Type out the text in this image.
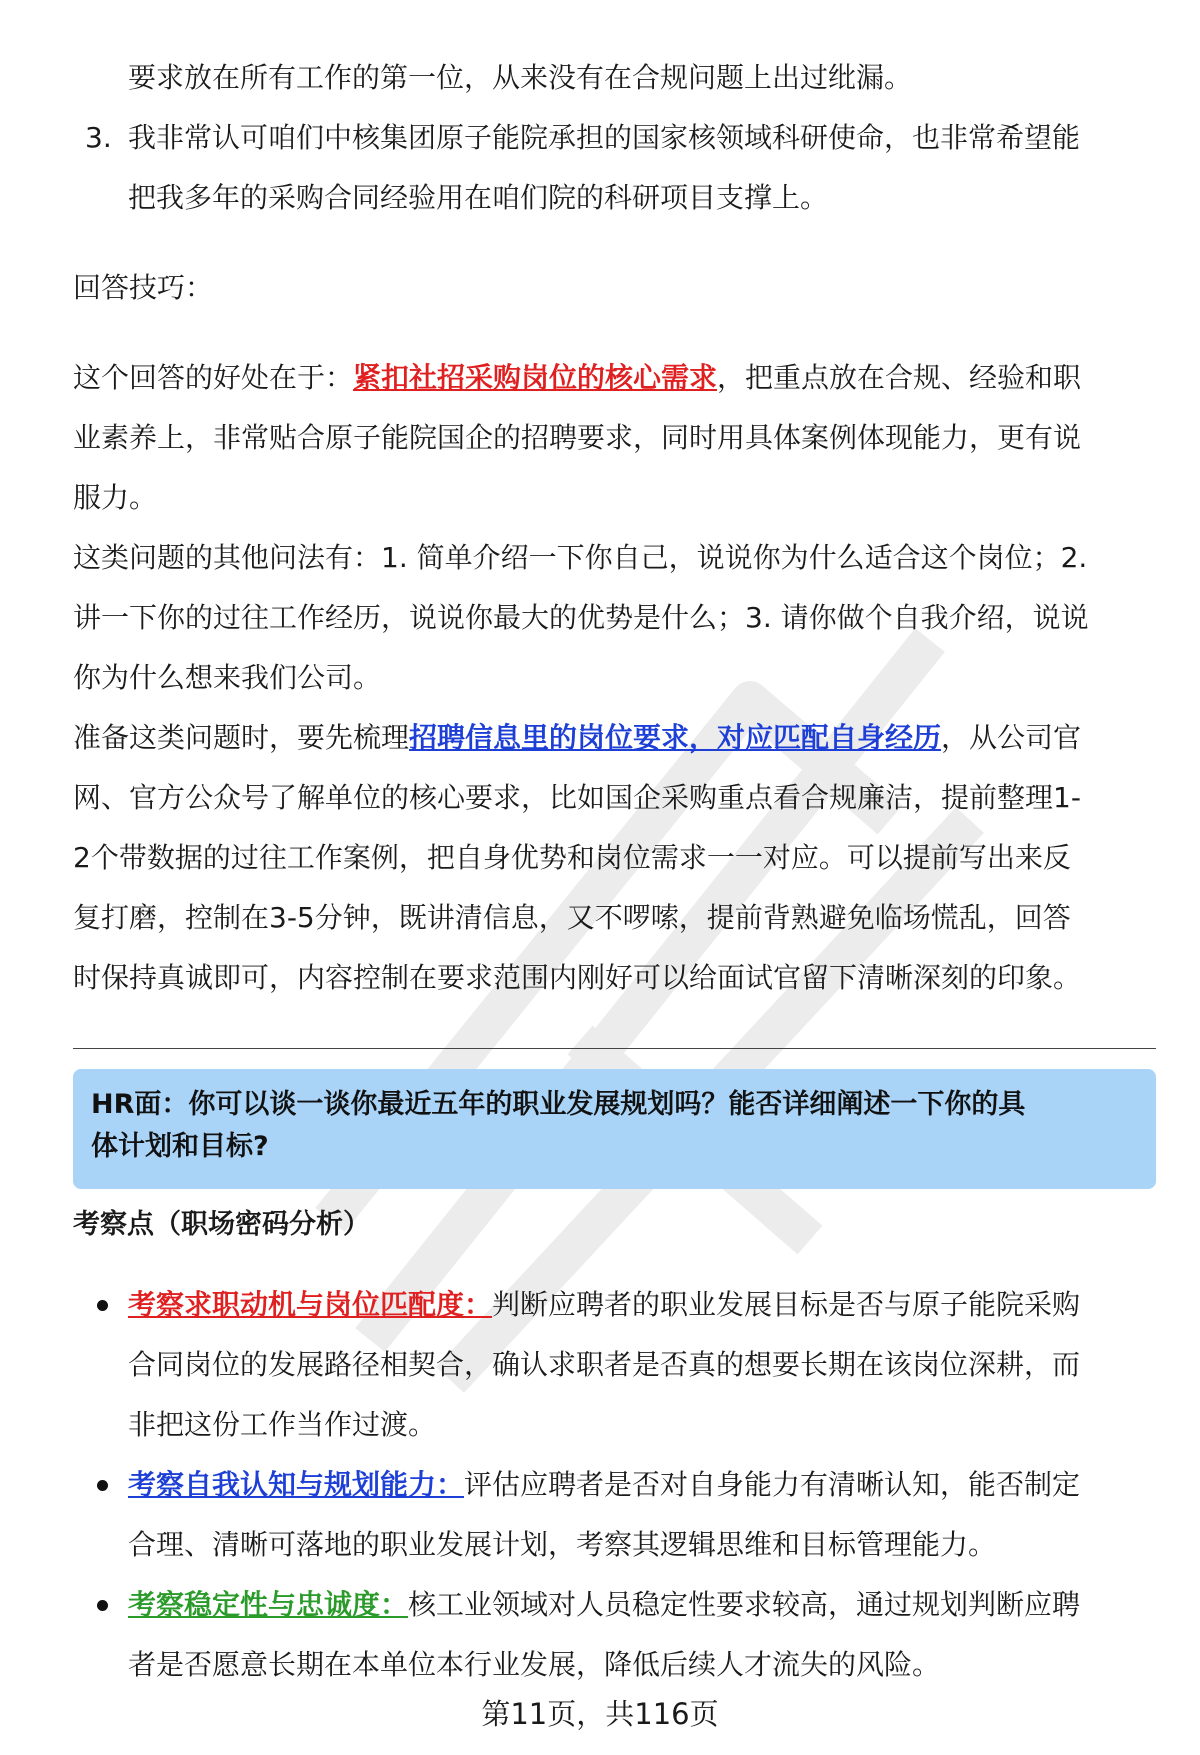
要求放在所有工作的第一位，从来没有在合规问题上出过纰漏。
3. 我非常认可咱们中核集团原子能院承担的国家核领域科研使命，也非常希望能
把我多年的采购合同经验用在咱们院的科研项目支撑上。
回答技巧：
这个回答的好处在于：紧扣社招采购岗位的核心需求，把重点放在合规、经验和职
业素养上，非常贴合原子能院国企的招聘要求，同时用具体案例体现能力，更有说
服力。
这类问题的其他问法有：1. 简单介绍一下你自己，说说你为什么适合这个岗位；2.
讲一下你的过往工作经历，说说你最大的优势是什么；3. 请你做个自我介绍，说说
你为什么想来我们公司。
准备这类问题时，要先梳理招聘信息里的岗位要求，对应匹配自身经历，从公司官
网、官方公众号了解单位的核心要求，比如国企采购重点看合规廉洁，提前整理1-
2个带数据的过往工作案例，把自身优势和岗位需求一一对应。可以提前写出来反
复打磨，控制在3-5分钟，既讲清信息，又不啰嗦，提前背熟避免临场慌乱，回答
时保持真诚即可，内容控制在要求范围内刚好可以给面试官留下清晰深刻的印象。
HR面：你可以谈一谈你最近五年的职业发展规划吗？能否详细阐述一下你的具
体计划和目标?
考察点（职场密码分析）
考察求职动机与岗位匹配度：判断应聘者的职业发展目标是否与原子能院采购
合同岗位的发展路径相契合，确认求职者是否真的想要长期在该岗位深耕，而
非把这份工作当作过渡。
考察自我认知与规划能力：评估应聘者是否对自身能力有清晰认知，能否制定
合理、清晰可落地的职业发展计划，考察其逻辑思维和目标管理能力。
考察稳定性与忠诚度：核工业领域对人员稳定性要求较高，通过规划判断应聘
者是否愿意长期在本单位本行业发展，降低后续人才流失的风险。
第11页，共116页
